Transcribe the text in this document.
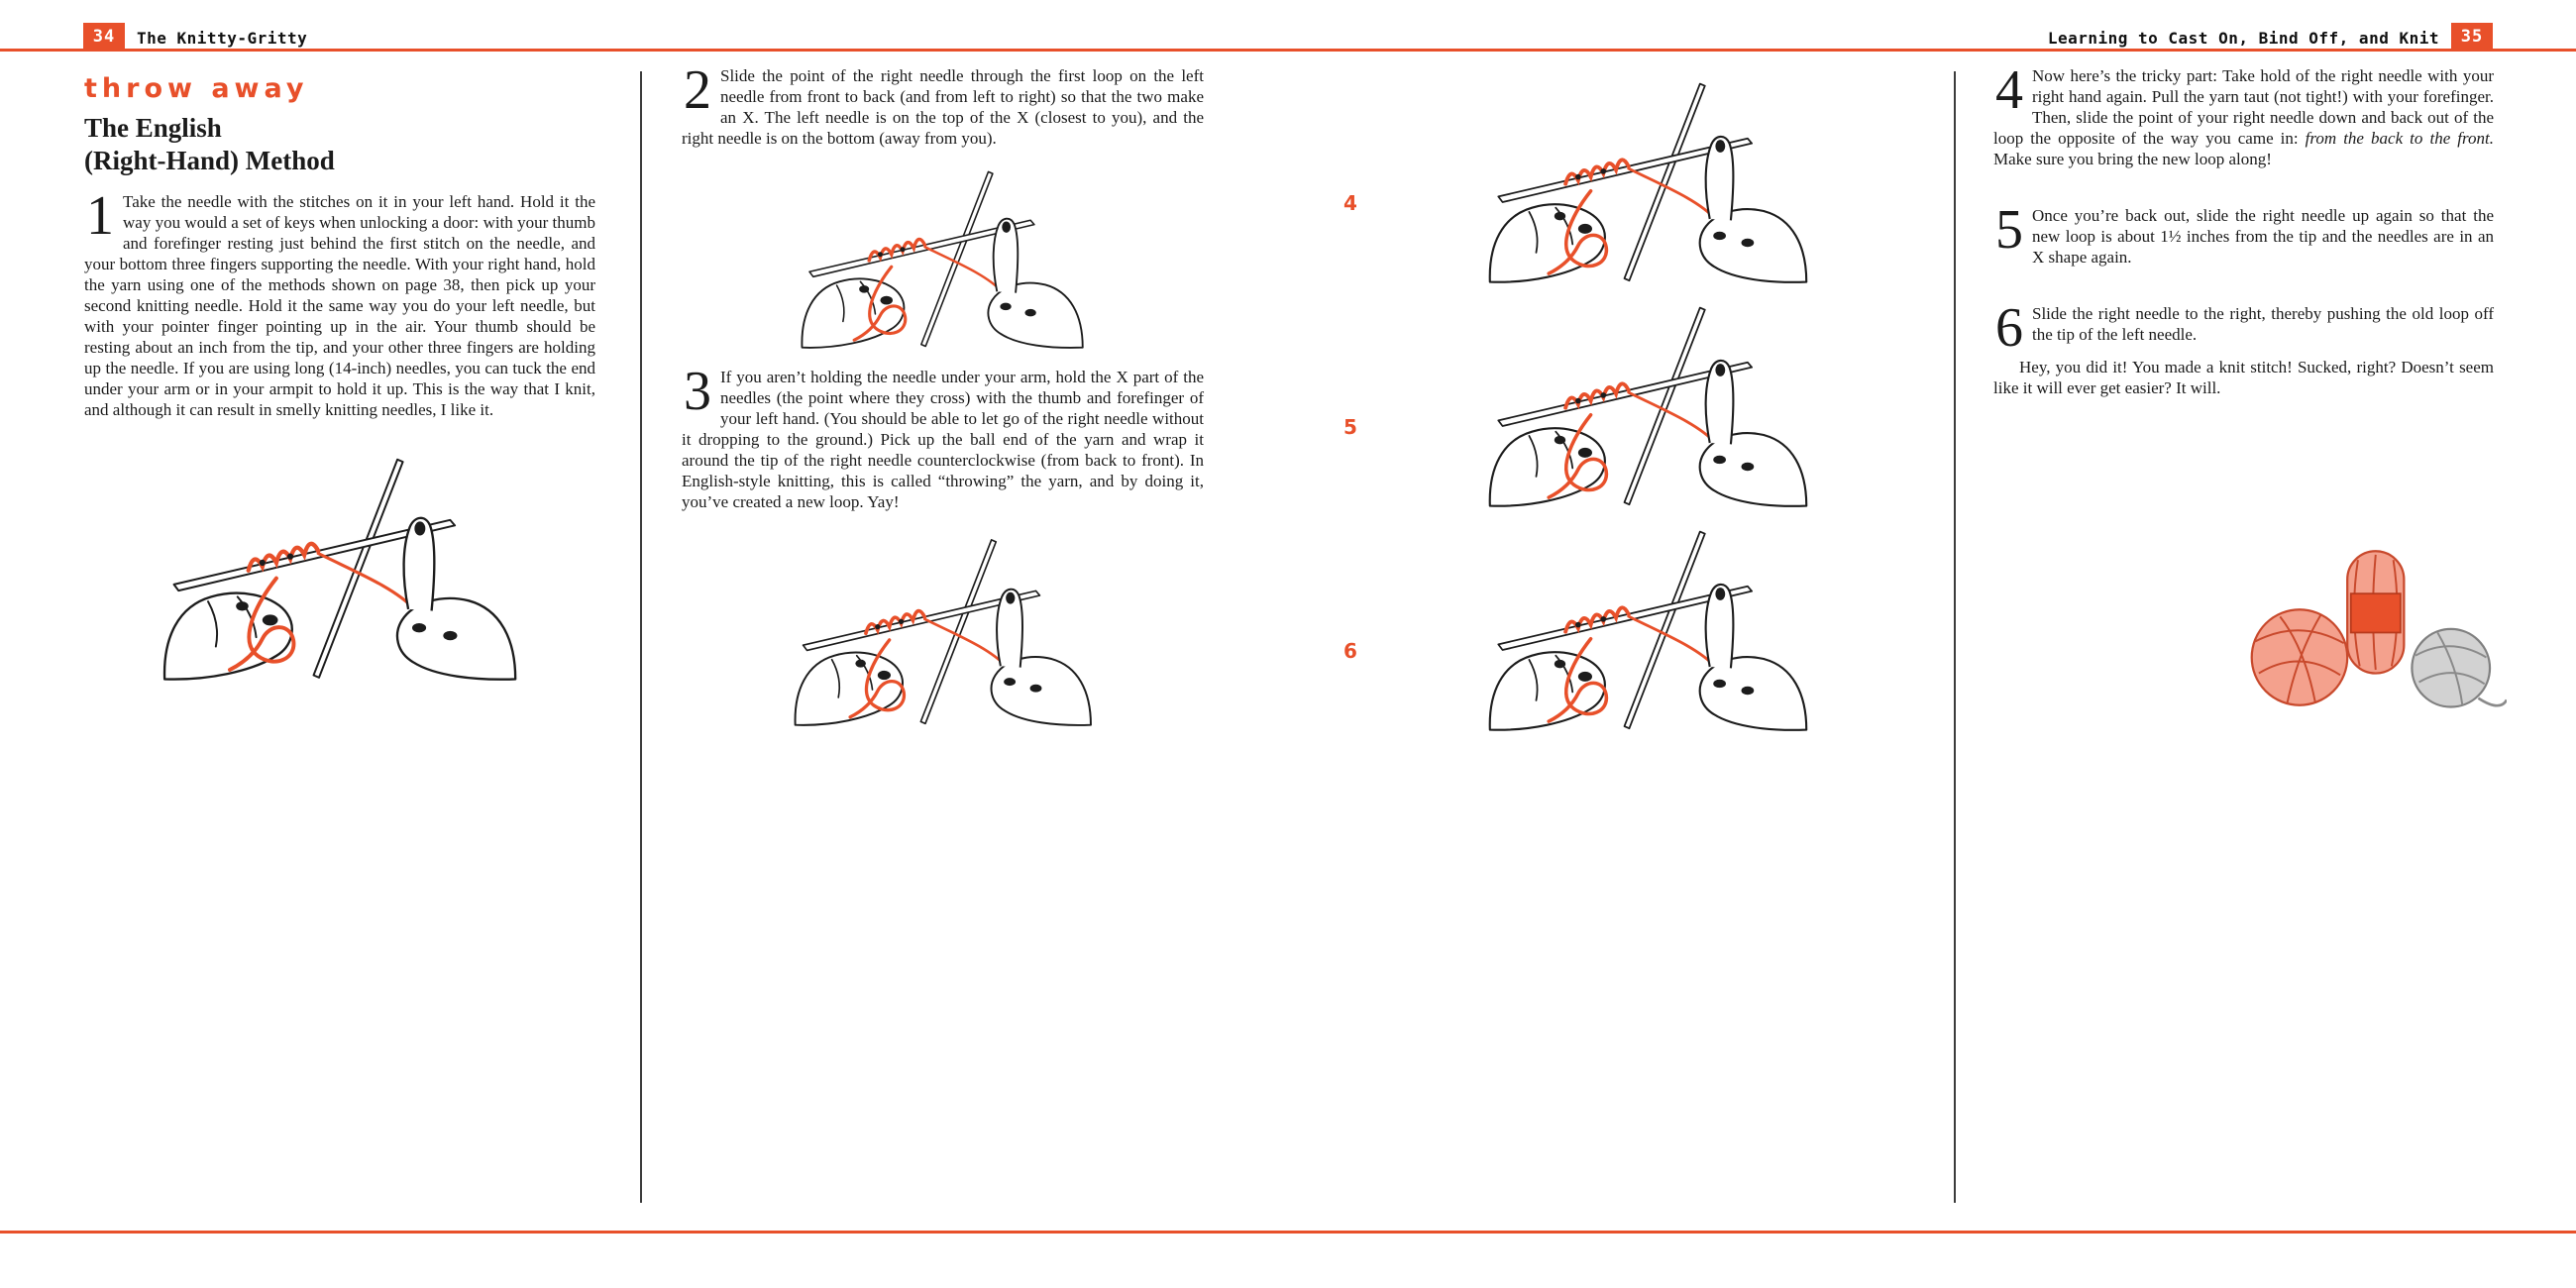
34	The Knitty-Gritty	Learning to Cast On, Bind Off, and Knit	35
throw away
The English
(Right-Hand) Method

1 Take the needle with the stitches on it in your left hand. Hold it the way you would a set of keys when unlocking a door: with your thumb and forefinger resting just behind the first stitch on the needle, and your bottom three fingers supporting the needle. With your right hand, hold the yarn using one of the methods shown on page 38, then pick up your second knitting needle. Hold it the same way you do your left needle, but with your pointer finger pointing up in the air. Your thumb should be resting about an inch from the tip, and your other three fingers are holding up the needle. If you are using long (14-inch) needles, you can tuck the end under your arm or in your armpit to hold it up. This is the way that I knit, and although it can result in smelly knitting needles, I like it.

2 Slide the point of the right needle through the first loop on the left needle from front to back (and from left to right) so that the two make an X. The left needle is on the top of the X (closest to you), and the right needle is on the bottom (away from you).

3 If you aren’t holding the needle under your arm, hold the X part of the needles (the point where they cross) with the thumb and forefinger of your left hand. (You should be able to let go of the right needle without it dropping to the ground.) Pick up the ball end of the yarn and wrap it around the tip of the right needle counterclockwise (from back to front). In English-style knitting, this is called “throwing” the yarn, and by doing it, you’ve created a new loop. Yay!

4
5
6

4 Now here’s the tricky part: Take hold of the right needle with your right hand again. Pull the yarn taut (not tight!) with your forefinger. Then, slide the point of your right needle down and back out of the loop the opposite of the way you came in: from the back to the front. Make sure you bring the new loop along!

5 Once you’re back out, slide the right needle up again so that the new loop is about 1½ inches from the tip and the needles are in an X shape again.

6 Slide the right needle to the right, thereby pushing the old loop off the tip of the left needle.

Hey, you did it! You made a knit stitch! Sucked, right? Doesn’t seem like it will ever get easier? It will.
